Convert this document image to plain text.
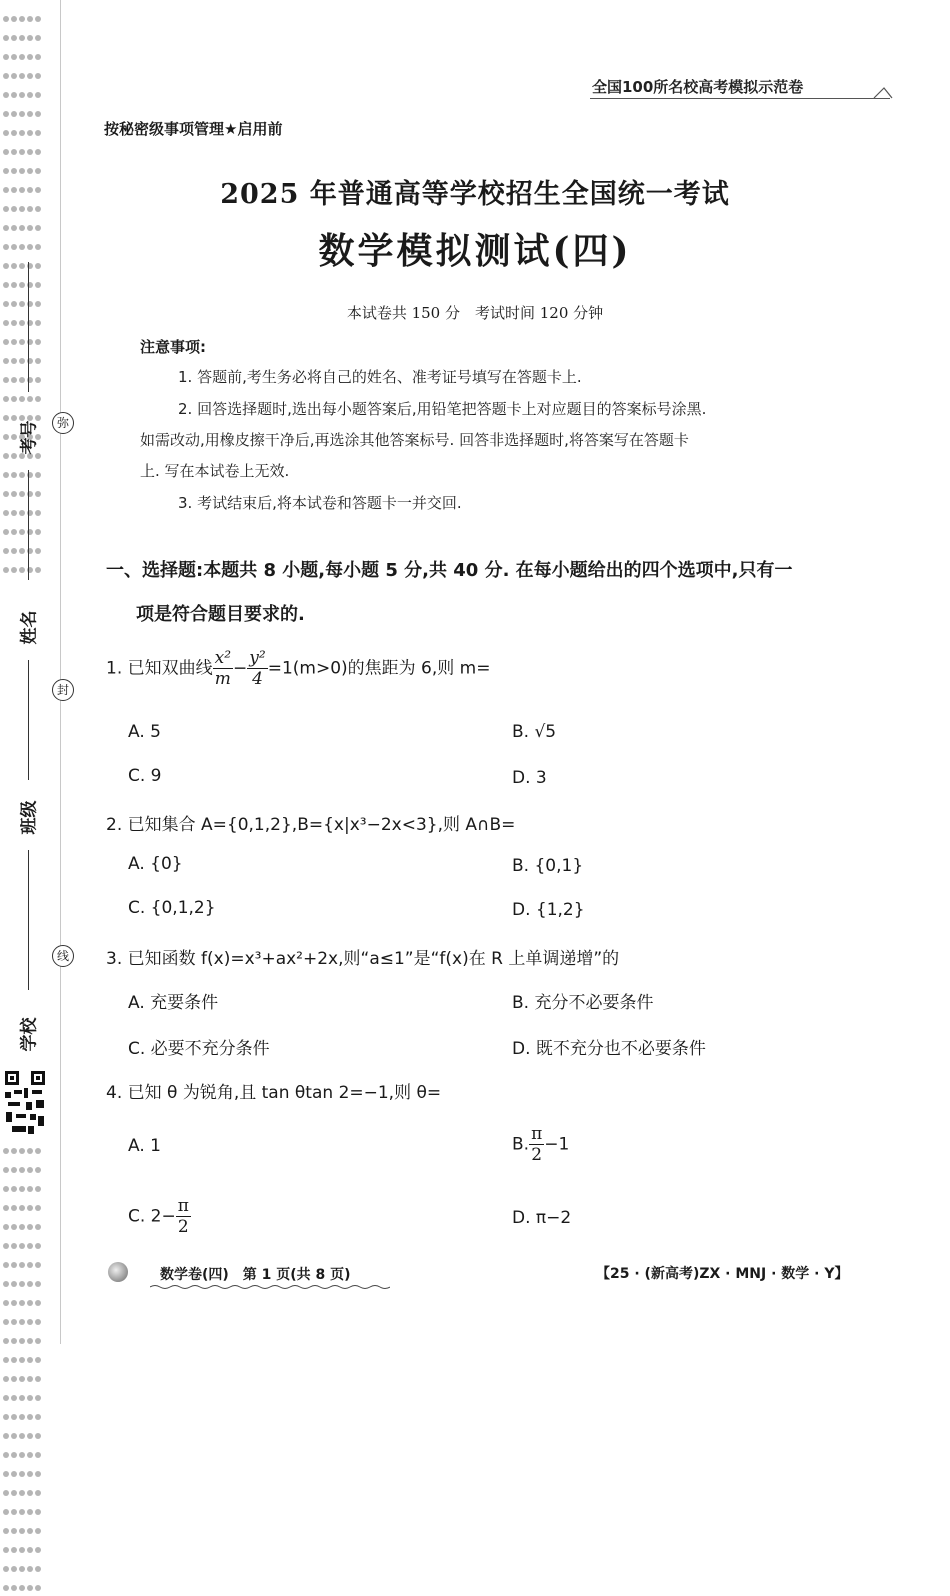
考号
姓名
班级
学校
弥
封
线
全国100所名校高考模拟示范卷
按秘密级事项管理★启用前
2025 年普通高等学校招生全国统一考试
数学模拟测试(四)
本试卷共 150 分　考试时间 120 分钟
注意事项:
1. 答题前,考生务必将自己的姓名、准考证号填写在答题卡上.
2. 回答选择题时,选出每小题答案后,用铅笔把答题卡上对应题目的答案标号涂黑.
如需改动,用橡皮擦干净后,再选涂其他答案标号. 回答非选择题时,将答案写在答题卡
上. 写在本试卷上无效.
3. 考试结束后,将本试卷和答题卡一并交回.
一、选择题:本题共 8 小题,每小题 5 分,共 40 分. 在每小题给出的四个选项中,只有一
项是符合题目要求的.
1. 已知双曲线 $\frac{\text{x²}}{m} - \frac{\text{y²}}{4} =1(m>0)$的焦距为 6,则 m=
A. 5	B. √5
C. 9	D. 3
2. 已知集合 A={0,1,2},B={x|x³−2x<3},则 A∩B=
A. {0}	B. {0,1}
C. {0,1,2}	D. {1,2}
3. 已知函数 f(x)=x³+ax²+2x,则“a≤1”是“f(x)在 R 上单调递增”的
A. 充要条件	B. 充分不必要条件
C. 必要不充分条件	D. 既不充分也不必要条件
4. 已知 θ 为锐角,且 tan θtan 2=−1,则 θ=
A. 1	B. $\frac{\pi}{2} -1$
C. $2- \frac{\pi}{2}$	D. π−2
数学卷(四)　第 1 页(共 8 页)	【25 · (新高考)ZX · MNJ · 数学 · Y】
